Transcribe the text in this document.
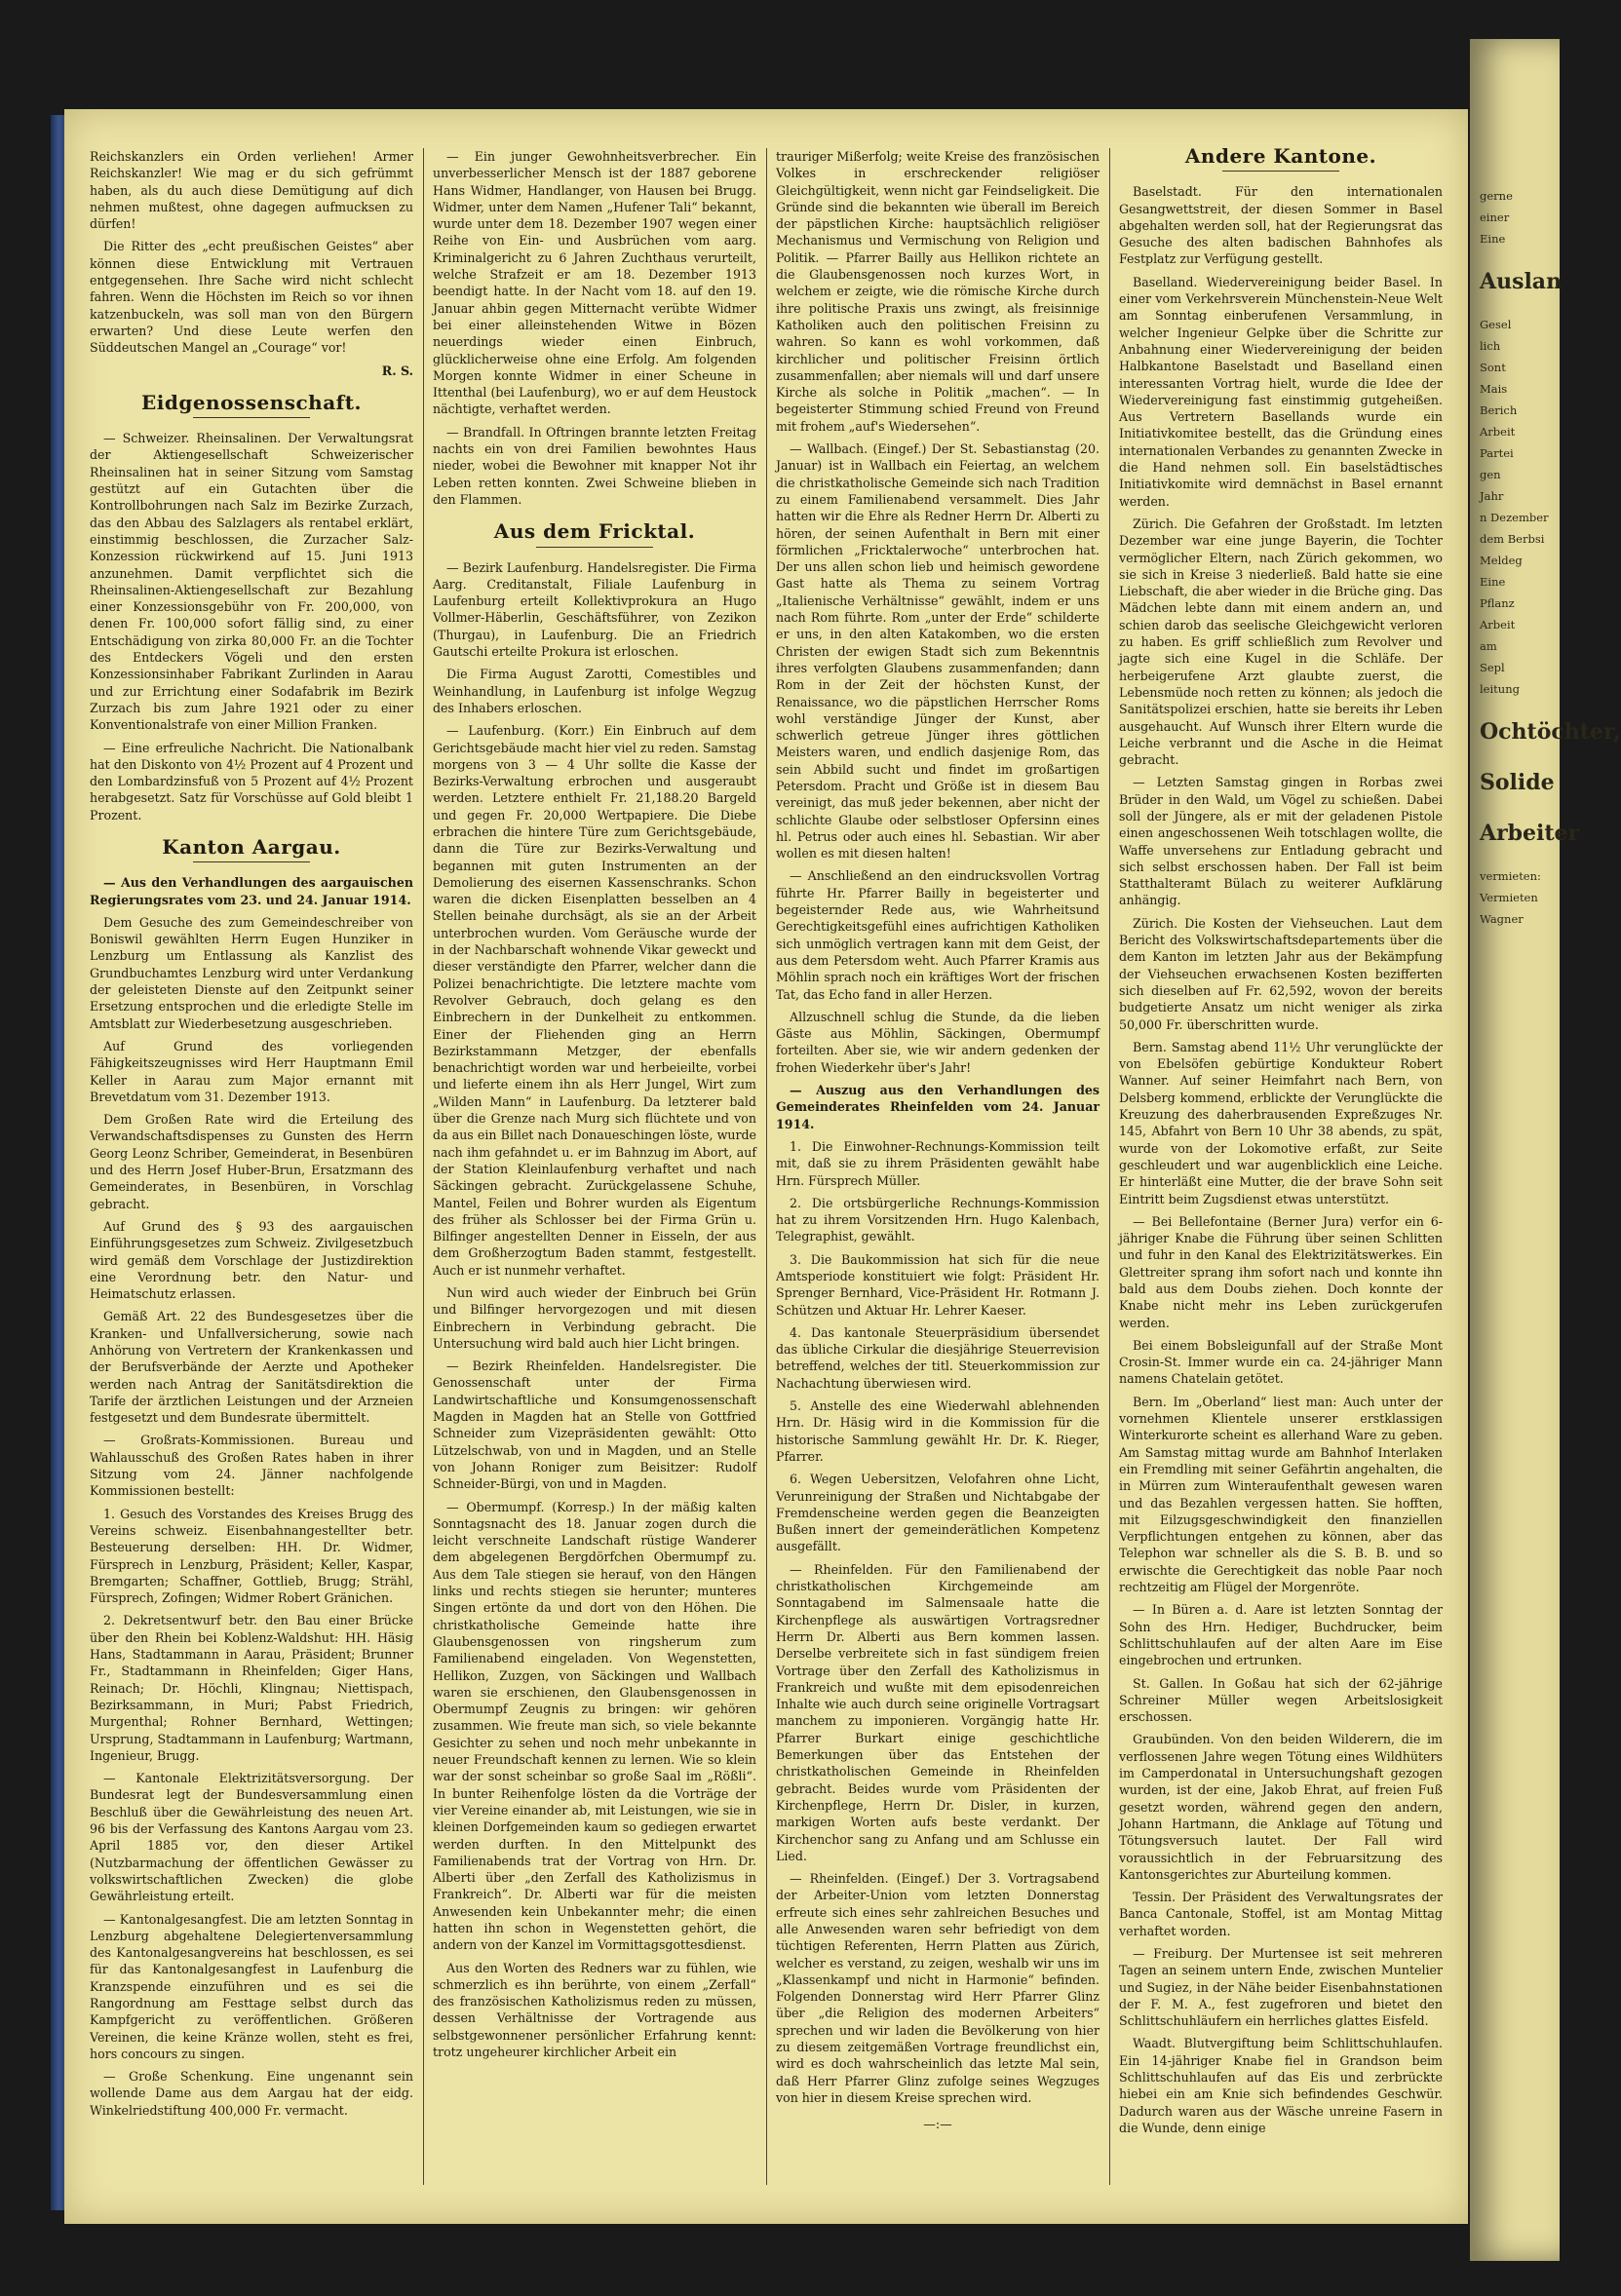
Reichskanzlers ein Orden verliehen! Armer Reichskanzler! Wie mag er du sich gefrümmt haben, als du auch diese Demütigung auf dich nehmen mußtest, ohne dagegen aufmucksen zu dürfen!

Die Ritter des „echt preußischen Geistes“ aber können diese Entwicklung mit Vertrauen entgegensehen. Ihre Sache wird nicht schlecht fahren. Wenn die Höchsten im Reich so vor ihnen katzenbuckeln, was soll man von den Bürgern erwarten? Und diese Leute werfen den Süddeutschen Mangel an „Courage“ vor!

R. S.
Eidgenossenschaft.

— Schweizer. Rheinsalinen. Der Verwaltungsrat der Aktiengesellschaft Schweizerischer Rheinsalinen hat in seiner Sitzung vom Samstag gestützt auf ein Gutachten über die Kontrollbohrungen nach Salz im Bezirke Zurzach, das den Abbau des Salzlagers als rentabel erklärt, einstimmig beschlossen, die Zurzacher Salz-Konzession rückwirkend auf 15. Juni 1913 anzunehmen. Damit verpflichtet sich die Rheinsalinen-Aktiengesellschaft zur Bezahlung einer Konzessionsgebühr von Fr. 200,000, von denen Fr. 100,000 sofort fällig sind, zu einer Entschädigung von zirka 80,000 Fr. an die Tochter des Entdeckers Vögeli und den ersten Konzessionsinhaber Fabrikant Zurlinden in Aarau und zur Errichtung einer Sodafabrik im Bezirk Zurzach bis zum Jahre 1921 oder zu einer Konventionalstrafe von einer Million Franken.

— Eine erfreuliche Nachricht. Die Nationalbank hat den Diskonto von 4½ Prozent auf 4 Prozent und den Lombardzinsfuß von 5 Prozent auf 4½ Prozent herabgesetzt. Satz für Vorschüsse auf Gold bleibt 1 Prozent.

Kanton Aargau.

— Aus den Verhandlungen des aargauischen Regierungsrates vom 23. und 24. Januar 1914.

Dem Gesuche des zum Gemeindeschreiber von Boniswil gewählten Herrn Eugen Hunziker in Lenzburg um Entlassung als Kanzlist des Grundbuchamtes Lenzburg wird unter Verdankung der geleisteten Dienste auf den Zeitpunkt seiner Ersetzung entsprochen und die erledigte Stelle im Amtsblatt zur Wiederbesetzung ausgeschrieben.

Auf Grund des vorliegenden Fähigkeitszeugnisses wird Herr Hauptmann Emil Keller in Aarau zum Major ernannt mit Brevetdatum vom 31. Dezember 1913.

Dem Großen Rate wird die Erteilung des Verwandschaftsdispenses zu Gunsten des Herrn Georg Leonz Schriber, Gemeinderat, in Besenbüren und des Herrn Josef Huber-Brun, Ersatzmann des Gemeinderates, in Besenbüren, in Vorschlag gebracht.

Auf Grund des § 93 des aargauischen Einführungsgesetzes zum Schweiz. Zivilgesetzbuch wird gemäß dem Vorschlage der Justizdirektion eine Verordnung betr. den Natur- und Heimatschutz erlassen.

Gemäß Art. 22 des Bundesgesetzes über die Kranken- und Unfallversicherung, sowie nach Anhörung von Vertretern der Krankenkassen und der Berufsverbände der Aerzte und Apotheker werden nach Antrag der Sanitätsdirektion die Tarife der ärztlichen Leistungen und der Arzneien festgesetzt und dem Bundesrate übermittelt.

— Großrats-Kommissionen. Bureau und Wahlausschuß des Großen Rates haben in ihrer Sitzung vom 24. Jänner nachfolgende Kommissionen bestellt:

1. Gesuch des Vorstandes des Kreises Brugg des Vereins schweiz. Eisenbahnangestellter betr. Besteuerung derselben: HH. Dr. Widmer, Fürsprech in Lenzburg, Präsident; Keller, Kaspar, Bremgarten; Schaffner, Gottlieb, Brugg; Strähl, Fürsprech, Zofingen; Widmer Robert Gränichen.

2. Dekretsentwurf betr. den Bau einer Brücke über den Rhein bei Koblenz-Waldshut: HH. Häsig Hans, Stadtammann in Aarau, Präsident; Brunner Fr., Stadtammann in Rheinfelden; Giger Hans, Reinach; Dr. Höchli, Klingnau; Niettispach, Bezirksammann, in Muri; Pabst Friedrich, Murgenthal; Rohner Bernhard, Wettingen; Ursprung, Stadtammann in Laufenburg; Wartmann, Ingenieur, Brugg.

— Kantonale Elektrizitätsversorgung. Der Bundesrat legt der Bundesversammlung einen Beschluß über die Gewährleistung des neuen Art. 96 bis der Verfassung des Kantons Aargau vom 23. April 1885 vor, den dieser Artikel (Nutzbarmachung der öffentlichen Gewässer zu volkswirtschaftlichen Zwecken) die globe Gewährleistung erteilt.

— Kantonalgesangfest. Die am letzten Sonntag in Lenzburg abgehaltene Delegiertenversammlung des Kantonalgesangvereins hat beschlossen, es sei für das Kantonalgesangfest in Laufenburg die Kranzspende einzuführen und es sei die Rangordnung am Festtage selbst durch das Kampfgericht zu veröffentlichen. Größeren Vereinen, die keine Kränze wollen, steht es frei, hors concours zu singen.

— Große Schenkung. Eine ungenannt sein wollende Dame aus dem Aargau hat der eidg. Winkelriedstiftung 400,000 Fr. vermacht.

— Ein junger Gewohnheitsverbrecher. Ein unverbesserlicher Mensch ist der 1887 geborene Hans Widmer, Handlanger, von Hausen bei Brugg. Widmer, unter dem Namen „Hufener Tali“ bekannt, wurde unter dem 18. Dezember 1907 wegen einer Reihe von Ein- und Ausbrüchen vom aarg. Kriminalgericht zu 6 Jahren Zuchthaus verurteilt, welche Strafzeit er am 18. Dezember 1913 beendigt hatte. In der Nacht vom 18. auf den 19. Januar ahbin gegen Mitternacht verübte Widmer bei einer alleinstehenden Witwe in Bözen neuerdings wieder einen Einbruch, glücklicherweise ohne eine Erfolg. Am folgenden Morgen konnte Widmer in einer Scheune in Ittenthal (bei Laufenburg), wo er auf dem Heustock nächtigte, verhaftet werden.

— Brandfall. In Oftringen brannte letzten Freitag nachts ein von drei Familien bewohntes Haus nieder, wobei die Bewohner mit knapper Not ihr Leben retten konnten. Zwei Schweine blieben in den Flammen.

Aus dem Fricktal.

— Bezirk Laufenburg. Handelsregister. Die Firma Aarg. Creditanstalt, Filiale Laufenburg in Laufenburg erteilt Kollektivprokura an Hugo Vollmer-Häberlin, Geschäftsführer, von Zezikon (Thurgau), in Laufenburg. Die an Friedrich Gautschi erteilte Prokura ist erloschen.

Die Firma August Zarotti, Comestibles und Weinhandlung, in Laufenburg ist infolge Wegzug des Inhabers erloschen.

— Laufenburg. (Korr.) Ein Einbruch auf dem Gerichtsgebäude macht hier viel zu reden. Samstag morgens von 3 — 4 Uhr sollte die Kasse der Bezirks-Verwaltung erbrochen und ausgeraubt werden. Letztere enthielt Fr. 21,188.20 Bargeld und gegen Fr. 20,000 Wertpapiere. Die Diebe erbrachen die hintere Türe zum Gerichtsgebäude, dann die Türe zur Bezirks-Verwaltung und begannen mit guten Instrumenten an der Demolierung des eisernen Kassenschranks. Schon waren die dicken Eisenplatten besselben an 4 Stellen beinahe durchsägt, als sie an der Arbeit unterbrochen wurden. Vom Geräusche wurde der in der Nachbarschaft wohnende Vikar geweckt und dieser verständigte den Pfarrer, welcher dann die Polizei benachrichtigte. Die letztere machte vom Revolver Gebrauch, doch gelang es den Einbrechern in der Dunkelheit zu entkommen. Einer der Fliehenden ging an Herrn Bezirkstammann Metzger, der ebenfalls benachrichtigt worden war und herbeieilte, vorbei und lieferte einem ihn als Herr Jungel, Wirt zum „Wilden Mann“ in Laufenburg. Da letzterer bald über die Grenze nach Murg sich flüchtete und von da aus ein Billet nach Donaueschingen löste, wurde nach ihm gefahndet u. er im Bahnzug im Abort, auf der Station Kleinlaufenburg verhaftet und nach Säckingen gebracht. Zurückgelassene Schuhe, Mantel, Feilen und Bohrer wurden als Eigentum des früher als Schlosser bei der Firma Grün u. Bilfinger angestellten Denner in Eisseln, der aus dem Großherzogtum Baden stammt, festgestellt. Auch er ist nunmehr verhaftet.

Nun wird auch wieder der Einbruch bei Grün und Bilfinger hervorgezogen und mit diesen Einbrechern in Verbindung gebracht. Die Untersuchung wird bald auch hier Licht bringen.

— Bezirk Rheinfelden. Handelsregister. Die Genossenschaft unter der Firma Landwirtschaftliche und Konsumgenossenschaft Magden in Magden hat an Stelle von Gottfried Schneider zum Vizepräsidenten gewählt: Otto Lützelschwab, von und in Magden, und an Stelle von Johann Roniger zum Beisitzer: Rudolf Schneider-Bürgi, von und in Magden.

— Obermumpf. (Korresp.) In der mäßig kalten Sonntagsnacht des 18. Januar zogen durch die leicht verschneite Landschaft rüstige Wanderer dem abgelegenen Bergdörfchen Obermumpf zu. Aus dem Tale stiegen sie herauf, von den Hängen links und rechts stiegen sie herunter; munteres Singen ertönte da und dort von den Höhen. Die christkatholische Gemeinde hatte ihre Glaubensgenossen von ringsherum zum Familienabend eingeladen. Von Wegenstetten, Hellikon, Zuzgen, von Säckingen und Wallbach waren sie erschienen, den Glaubensgenossen in Obermumpf Zeugnis zu bringen: wir gehören zusammen. Wie freute man sich, so viele bekannte Gesichter zu sehen und noch mehr unbekannte in neuer Freundschaft kennen zu lernen. Wie so klein war der sonst scheinbar so große Saal im „Rößli“. In bunter Reihenfolge lösten da die Vorträge der vier Vereine einander ab, mit Leistungen, wie sie in kleinen Dorfgemeinden kaum so gediegen erwartet werden durften. In den Mittelpunkt des Familienabends trat der Vortrag von Hrn. Dr. Alberti über „den Zerfall des Katholizismus in Frankreich“. Dr. Alberti war für die meisten Anwesenden kein Unbekannter mehr; die einen hatten ihn schon in Wegenstetten gehört, die andern von der Kanzel im Vormittagsgottesdienst.

Aus den Worten des Redners war zu fühlen, wie schmerzlich es ihn berührte, von einem „Zerfall“ des französischen Katholizismus reden zu müssen, dessen Verhältnisse der Vortragende aus selbstgewonnener persönlicher Erfahrung kennt: trotz ungeheurer kirchlicher Arbeit ein

trauriger Mißerfolg; weite Kreise des französischen Volkes in erschreckender religiöser Gleichgültigkeit, wenn nicht gar Feindseligkeit. Die Gründe sind die bekannten wie überall im Bereich der päpstlichen Kirche: hauptsächlich religiöser Mechanismus und Vermischung von Religion und Politik. — Pfarrer Bailly aus Hellikon richtete an die Glaubensgenossen noch kurzes Wort, in welchem er zeigte, wie die römische Kirche durch ihre politische Praxis uns zwingt, als freisinnige Katholiken auch den politischen Freisinn zu wahren. So kann es wohl vorkommen, daß kirchlicher und politischer Freisinn örtlich zusammenfallen; aber niemals will und darf unsere Kirche als solche in Politik „machen“. — In begeisterter Stimmung schied Freund von Freund mit frohem „auf's Wiedersehen“.

— Wallbach. (Eingef.) Der St. Sebastianstag (20. Januar) ist in Wallbach ein Feiertag, an welchem die christkatholische Gemeinde sich nach Tradition zu einem Familienabend versammelt. Dies Jahr hatten wir die Ehre als Redner Herrn Dr. Alberti zu hören, der seinen Aufenthalt in Bern mit einer förmlichen „Fricktalerwoche“ unterbrochen hat. Der uns allen schon lieb und heimisch gewordene Gast hatte als Thema zu seinem Vortrag „Italienische Verhältnisse“ gewählt, indem er uns nach Rom führte. Rom „unter der Erde“ schilderte er uns, in den alten Katakomben, wo die ersten Christen der ewigen Stadt sich zum Bekenntnis ihres verfolgten Glaubens zusammenfanden; dann Rom in der Zeit der höchsten Kunst, der Renaissance, wo die päpstlichen Herrscher Roms wohl verständige Jünger der Kunst, aber schwerlich getreue Jünger ihres göttlichen Meisters waren, und endlich dasjenige Rom, das sein Abbild sucht und findet im großartigen Petersdom. Pracht und Größe ist in diesem Bau vereinigt, das muß jeder bekennen, aber nicht der schlichte Glaube oder selbstloser Opfersinn eines hl. Petrus oder auch eines hl. Sebastian. Wir aber wollen es mit diesen halten!

— Anschließend an den eindrucksvollen Vortrag führte Hr. Pfarrer Bailly in begeisterter und begeisternder Rede aus, wie Wahrheitsund Gerechtigkeitsgefühl eines aufrichtigen Katholiken sich unmöglich vertragen kann mit dem Geist, der aus dem Petersdom weht. Auch Pfarrer Kramis aus Möhlin sprach noch ein kräftiges Wort der frischen Tat, das Echo fand in aller Herzen.

Allzuschnell schlug die Stunde, da die lieben Gäste aus Möhlin, Säckingen, Obermumpf forteilten. Aber sie, wie wir andern gedenken der frohen Wiederkehr über's Jahr!

— Auszug aus den Verhandlungen des Gemeinderates Rheinfelden vom 24. Januar 1914.

1. Die Einwohner-Rechnungs-Kommission teilt mit, daß sie zu ihrem Präsidenten gewählt habe Hrn. Fürsprech Müller.

2. Die ortsbürgerliche Rechnungs-Kommission hat zu ihrem Vorsitzenden Hrn. Hugo Kalenbach, Telegraphist, gewählt.

3. Die Baukommission hat sich für die neue Amtsperiode konstituiert wie folgt: Präsident Hr. Sprenger Bernhard, Vice-Präsident Hr. Rotmann J. Schützen und Aktuar Hr. Lehrer Kaeser.

4. Das kantonale Steuerpräsidium übersendet das übliche Cirkular die diesjährige Steuerrevision betreffend, welches der titl. Steuerkommission zur Nachachtung überwiesen wird.

5. Anstelle des eine Wiederwahl ablehnenden Hrn. Dr. Häsig wird in die Kommission für die historische Sammlung gewählt Hr. Dr. K. Rieger, Pfarrer.

6. Wegen Uebersitzen, Velofahren ohne Licht, Verunreinigung der Straßen und Nichtabgabe der Fremdenscheine werden gegen die Beanzeigten Bußen innert der gemeinderätlichen Kompetenz ausgefällt.

— Rheinfelden. Für den Familienabend der christkatholischen Kirchgemeinde am Sonntagabend im Salmensaale hatte die Kirchenpflege als auswärtigen Vortragsredner Herrn Dr. Alberti aus Bern kommen lassen. Derselbe verbreitete sich in fast sündigem freien Vortrage über den Zerfall des Katholizismus in Frankreich und wußte mit dem episodenreichen Inhalte wie auch durch seine originelle Vortragsart manchem zu imponieren. Vorgängig hatte Hr. Pfarrer Burkart einige geschichtliche Bemerkungen über das Entstehen der christkatholischen Gemeinde in Rheinfelden gebracht. Beides wurde vom Präsidenten der Kirchenpflege, Herrn Dr. Disler, in kurzen, markigen Worten aufs beste verdankt. Der Kirchenchor sang zu Anfang und am Schlusse ein Lied.

— Rheinfelden. (Eingef.) Der 3. Vortragsabend der Arbeiter-Union vom letzten Donnerstag erfreute sich eines sehr zahlreichen Besuches und alle Anwesenden waren sehr befriedigt von dem tüchtigen Referenten, Herrn Platten aus Zürich, welcher es verstand, zu zeigen, weshalb wir uns im „Klassenkampf und nicht in Harmonie“ befinden. Folgenden Donnerstag wird Herr Pfarrer Glinz über „die Religion des modernen Arbeiters“ sprechen und wir laden die Bevölkerung von hier zu diesem zeitgemäßen Vortrage freundlichst ein, wird es doch wahrscheinlich das letzte Mal sein, daß Herr Pfarrer Glinz zufolge seines Wegzuges von hier in diesem Kreise sprechen wird.

—:—
Andere Kantone.

Baselstadt. Für den internationalen Gesangwettstreit, der diesen Sommer in Basel abgehalten werden soll, hat der Regierungsrat das Gesuche des alten badischen Bahnhofes als Festplatz zur Verfügung gestellt.

Baselland. Wiedervereinigung beider Basel. In einer vom Verkehrsverein Münchenstein-Neue Welt am Sonntag einberufenen Versammlung, in welcher Ingenieur Gelpke über die Schritte zur Anbahnung einer Wiedervereinigung der beiden Halbkantone Baselstadt und Baselland einen interessanten Vortrag hielt, wurde die Idee der Wiedervereinigung fast einstimmig gutgeheißen. Aus Vertretern Basellands wurde ein Initiativkomitee bestellt, das die Gründung eines internationalen Verbandes zu genannten Zwecke in die Hand nehmen soll. Ein baselstädtisches Initiativkomite wird demnächst in Basel ernannt werden.

Zürich. Die Gefahren der Großstadt. Im letzten Dezember war eine junge Bayerin, die Tochter vermöglicher Eltern, nach Zürich gekommen, wo sie sich in Kreise 3 niederließ. Bald hatte sie eine Liebschaft, die aber wieder in die Brüche ging. Das Mädchen lebte dann mit einem andern an, und schien darob das seelische Gleichgewicht verloren zu haben. Es griff schließlich zum Revolver und jagte sich eine Kugel in die Schläfe. Der herbeigerufene Arzt glaubte zuerst, die Lebensmüde noch retten zu können; als jedoch die Sanitätspolizei erschien, hatte sie bereits ihr Leben ausgehaucht. Auf Wunsch ihrer Eltern wurde die Leiche verbrannt und die Asche in die Heimat gebracht.

— Letzten Samstag gingen in Rorbas zwei Brüder in den Wald, um Vögel zu schießen. Dabei soll der Jüngere, als er mit der geladenen Pistole einen angeschossenen Weih totschlagen wollte, die Waffe unversehens zur Entladung gebracht und sich selbst erschossen haben. Der Fall ist beim Statthalteramt Bülach zu weiterer Aufklärung anhängig.

Zürich. Die Kosten der Viehseuchen. Laut dem Bericht des Volkswirtschaftsdepartements über die dem Kanton im letzten Jahr aus der Bekämpfung der Viehseuchen erwachsenen Kosten bezifferten sich dieselben auf Fr. 62,592, wovon der bereits budgetierte Ansatz um nicht weniger als zirka 50,000 Fr. überschritten wurde.

Bern. Samstag abend 11½ Uhr verunglückte der von Ebelsöfen gebürtige Kondukteur Robert Wanner. Auf seiner Heimfahrt nach Bern, von Delsberg kommend, erblickte der Verunglückte die Kreuzung des daherbrausenden Expreßzuges Nr. 145, Abfahrt von Bern 10 Uhr 38 abends, zu spät, wurde von der Lokomotive erfaßt, zur Seite geschleudert und war augenblicklich eine Leiche. Er hinterläßt eine Mutter, die der brave Sohn seit Eintritt beim Zugsdienst etwas unterstützt.

— Bei Bellefontaine (Berner Jura) verfor ein 6-jähriger Knabe die Führung über seinen Schlitten und fuhr in den Kanal des Elektrizitätswerkes. Ein Glettreiter sprang ihm sofort nach und konnte ihn bald aus dem Doubs ziehen. Doch konnte der Knabe nicht mehr ins Leben zurückgerufen werden.

Bei einem Bobsleigunfall auf der Straße Mont Crosin-St. Immer wurde ein ca. 24-jähriger Mann namens Chatelain getötet.

Bern. Im „Oberland“ liest man: Auch unter der vornehmen Klientele unserer erstklassigen Winterkurorte scheint es allerhand Ware zu geben. Am Samstag mittag wurde am Bahnhof Interlaken ein Fremdling mit seiner Gefährtin angehalten, die in Mürren zum Winteraufenthalt gewesen waren und das Bezahlen vergessen hatten. Sie hofften, mit Eilzugsgeschwindigkeit den finanziellen Verpflichtungen entgehen zu können, aber das Telephon war schneller als die S. B. B. und so erwischte die Gerechtigkeit das noble Paar noch rechtzeitig am Flügel der Morgenröte.

— In Büren a. d. Aare ist letzten Sonntag der Sohn des Hrn. Hediger, Buchdrucker, beim Schlittschuhlaufen auf der alten Aare im Eise eingebrochen und ertrunken.

St. Gallen. In Goßau hat sich der 62-jährige Schreiner Müller wegen Arbeitslosigkeit erschossen.

Graubünden. Von den beiden Wilderern, die im verflossenen Jahre wegen Tötung eines Wildhüters im Camperdonatal in Untersuchungshaft gezogen wurden, ist der eine, Jakob Ehrat, auf freien Fuß gesetzt worden, während gegen den andern, Johann Hartmann, die Anklage auf Tötung und Tötungsversuch lautet. Der Fall wird voraussichtlich in der Februarsitzung des Kantonsgerichtes zur Aburteilung kommen.

Tessin. Der Präsident des Verwaltungsrates der Banca Cantonale, Stoffel, ist am Montag Mittag verhaftet worden.

— Freiburg. Der Murtensee ist seit mehreren Tagen an seinem untern Ende, zwischen Muntelier und Sugiez, in der Nähe beider Eisenbahnstationen der F. M. A., fest zugefroren und bietet den Schlittschuhläufern ein herrliches glattes Eisfeld.

Waadt. Blutvergiftung beim Schlittschuhlaufen. Ein 14-jähriger Knabe fiel in Grandson beim Schlittschuhlaufen auf das Eis und zerbrückte hiebei ein am Knie sich befindendes Geschwür. Dadurch waren aus der Wäsche unreine Fasern in die Wunde, denn einige

gerne
einer
Eine
Auslan
Gesel
lich
Sont
Mais
Berich
Arbeit
Partei
gen
Jahr
n Dezember
dem Berbsi
Meldeg
Eine
Pflanz
Arbeit
am
Sepl
leitung
Ochtöchter,
Solide
Arbeiter
vermieten:
Vermieten
Wagner
